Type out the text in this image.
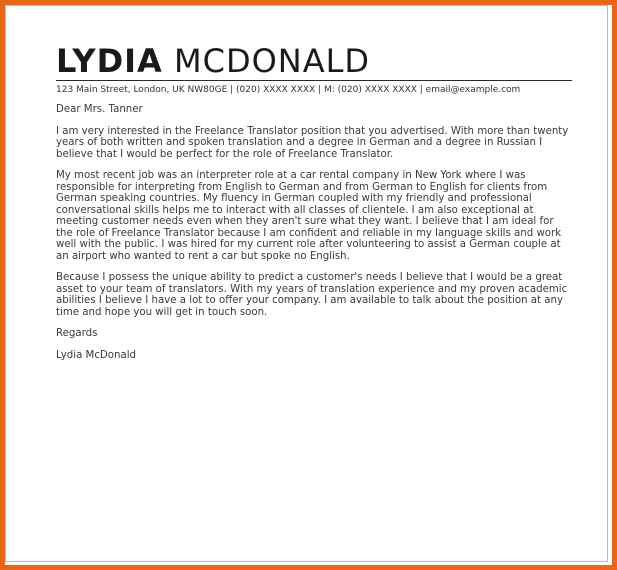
LYDIA MCDONALD
123 Main Street, London, UK NW80GE | (020) XXXX XXXX | M: (020) XXXX XXXX | email@example.com

Dear Mrs. Tanner

I am very interested in the Freelance Translator position that you advertised. With more than twenty years of both written and spoken translation and a degree in German and a degree in Russian I believe that I would be perfect for the role of Freelance Translator.

My most recent job was an interpreter role at a car rental company in New York where I was responsible for interpreting from English to German and from German to English for clients from German speaking countries. My fluency in German coupled with my friendly and professional conversational skills helps me to interact with all classes of clientele. I am also exceptional at meeting customer needs even when they aren't sure what they want. I believe that I am ideal for the role of Freelance Translator because I am confident and reliable in my language skills and work well with the public. I was hired for my current role after volunteering to assist a German couple at an airport who wanted to rent a car but spoke no English.

Because I possess the unique ability to predict a customer's needs I believe that I would be a great asset to your team of translators. With my years of translation experience and my proven academic abilities I believe I have a lot to offer your company. I am available to talk about the position at any time and hope you will get in touch soon.

Regards

Lydia McDonald
